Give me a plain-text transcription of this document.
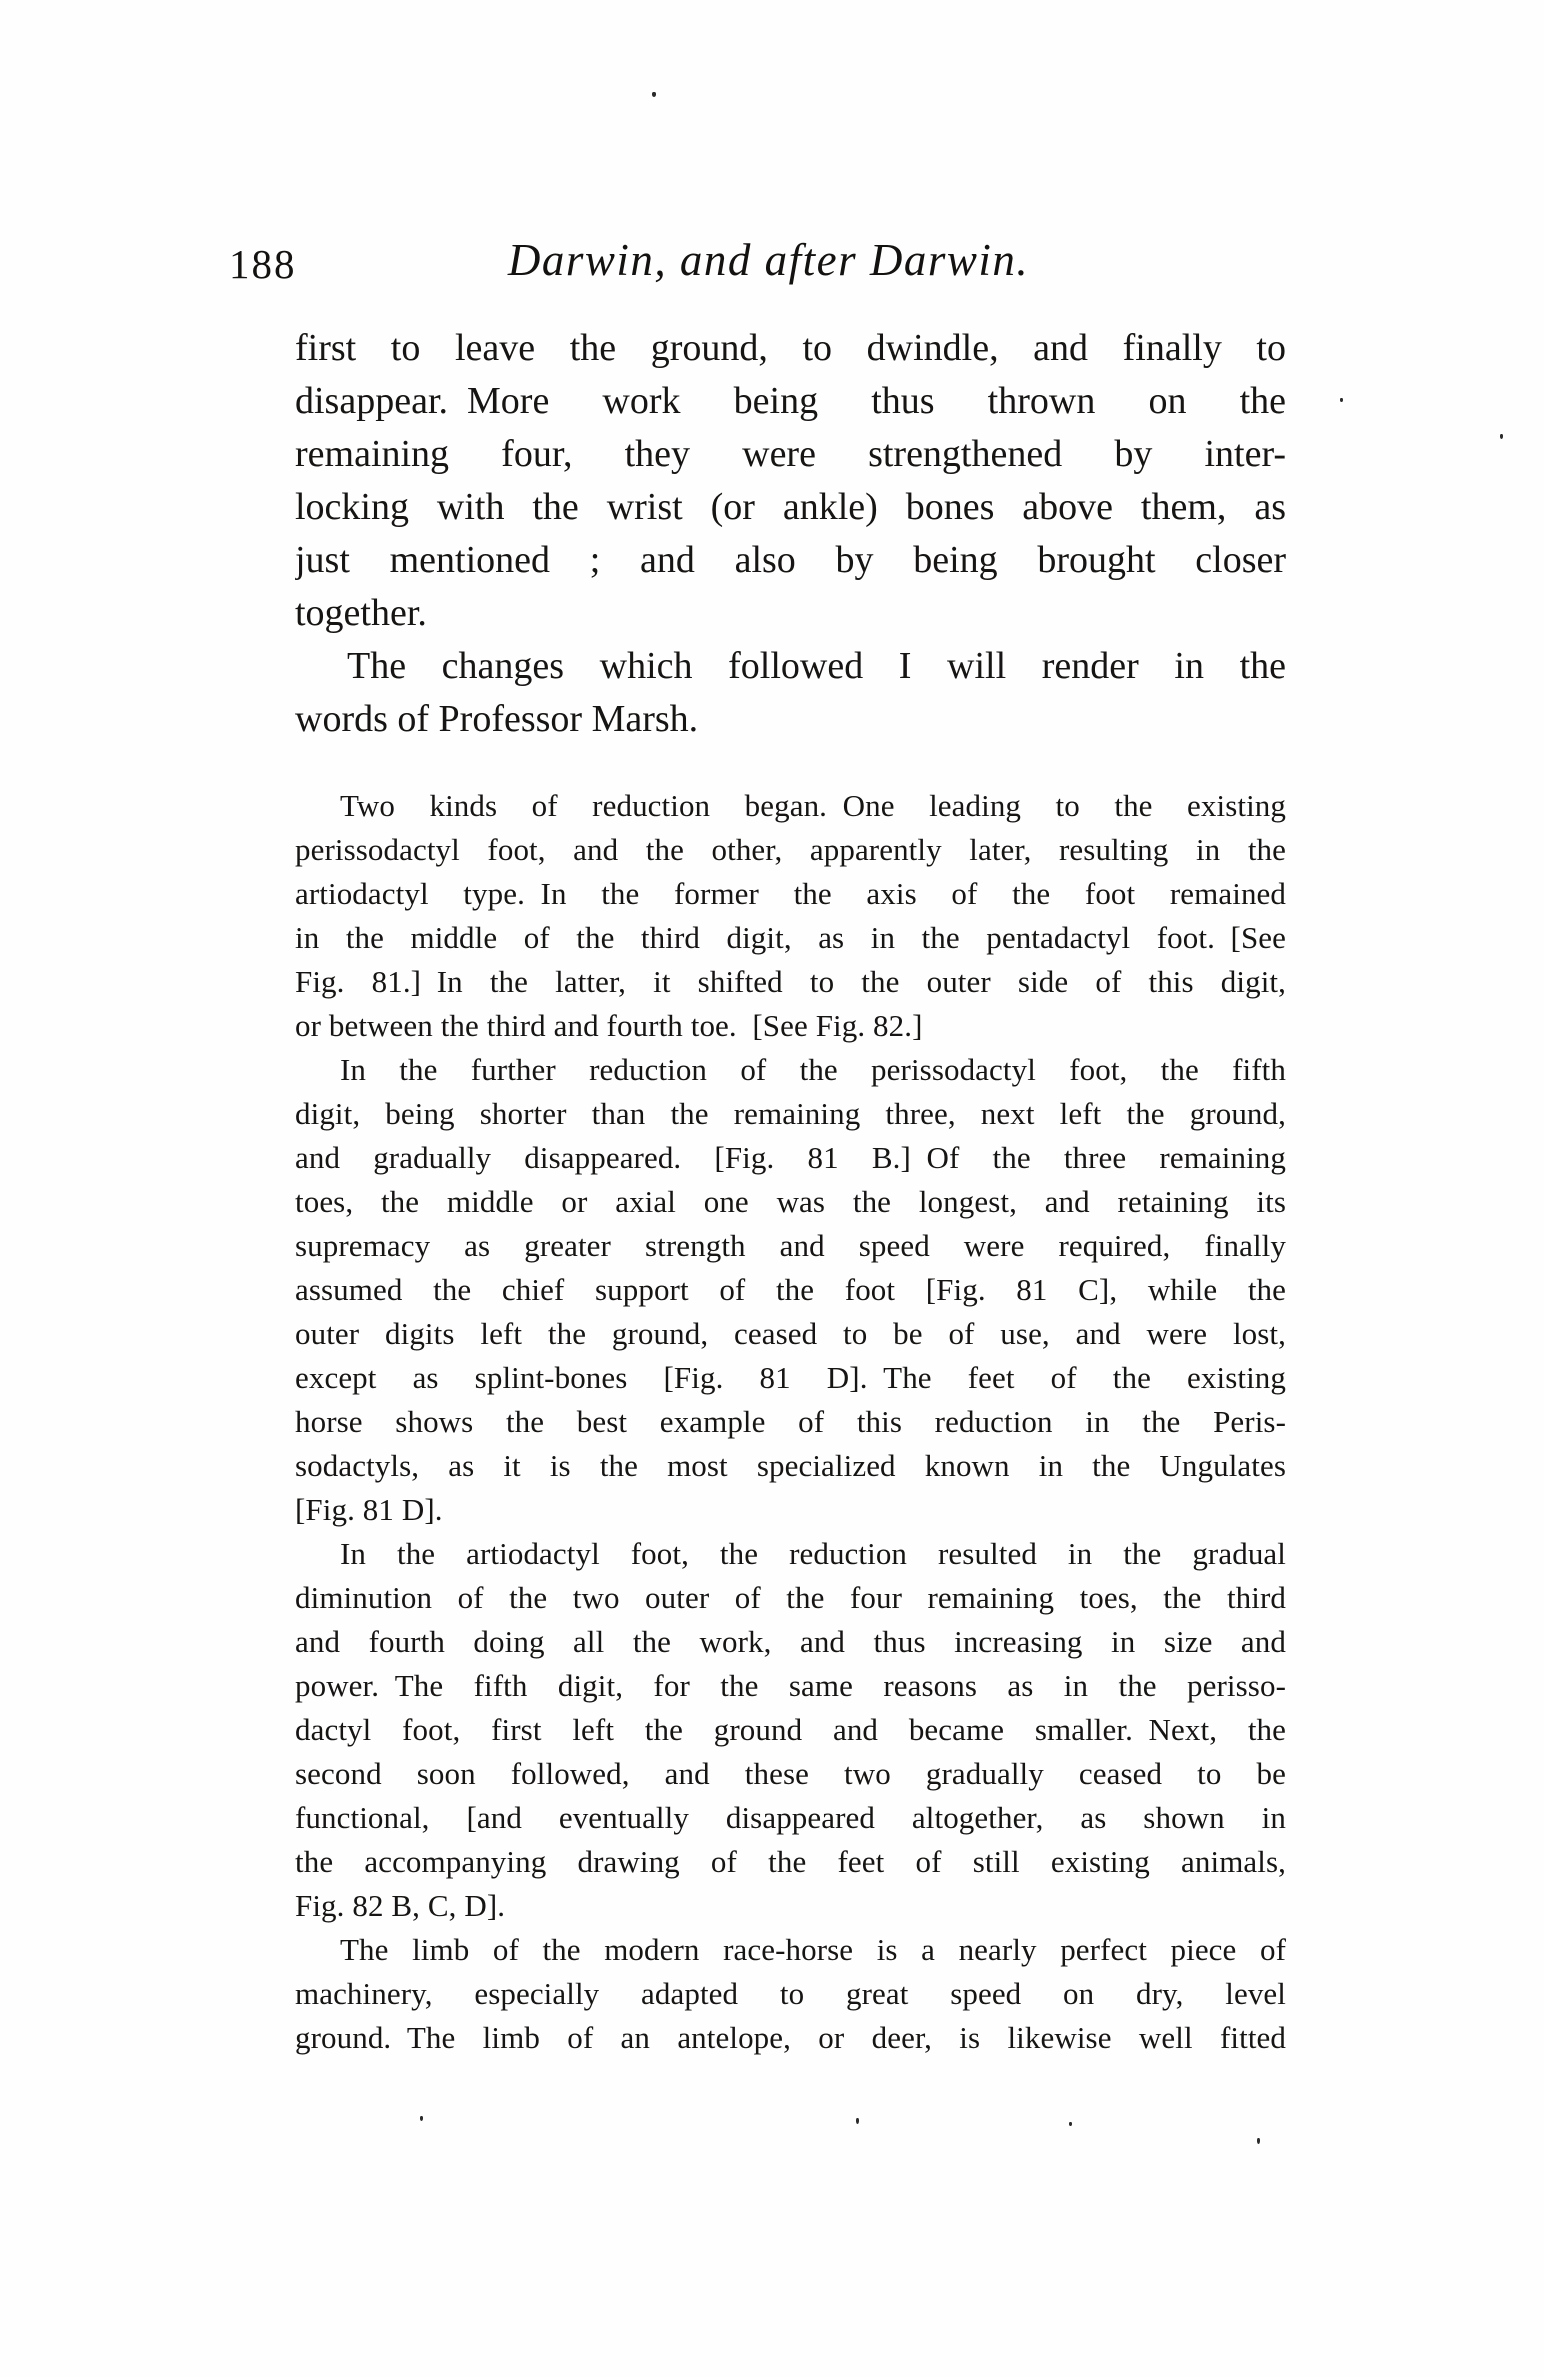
188	Darwin, and after Darwin.
first to leave the ground, to dwindle, and finally to
disappear. More work being thus thrown on the
remaining four, they were strengthened by inter-
locking with the wrist (or ankle) bones above them, as
just mentioned ; and also by being brought closer
together.
The changes which followed I will render in the
words of Professor Marsh.
Two kinds of reduction began. One leading to the existing
perissodactyl foot, and the other, apparently later, resulting in the
artiodactyl type. In the former the axis of the foot remained
in the middle of the third digit, as in the pentadactyl foot. [See
Fig. 81.] In the latter, it shifted to the outer side of this digit,
or between the third and fourth toe. [See Fig. 82.]
In the further reduction of the perissodactyl foot, the fifth
digit, being shorter than the remaining three, next left the ground,
and gradually disappeared. [Fig. 81 B.] Of the three remaining
toes, the middle or axial one was the longest, and retaining its
supremacy as greater strength and speed were required, finally
assumed the chief support of the foot [Fig. 81 C], while the
outer digits left the ground, ceased to be of use, and were lost,
except as splint-bones [Fig. 81 D]. The feet of the existing
horse shows the best example of this reduction in the Peris-
sodactyls, as it is the most specialized known in the Ungulates
[Fig. 81 D].
In the artiodactyl foot, the reduction resulted in the gradual
diminution of the two outer of the four remaining toes, the third
and fourth doing all the work, and thus increasing in size and
power. The fifth digit, for the same reasons as in the perisso-
dactyl foot, first left the ground and became smaller. Next, the
second soon followed, and these two gradually ceased to be
functional, [and eventually disappeared altogether, as shown in
the accompanying drawing of the feet of still existing animals,
Fig. 82 B, C, D].
The limb of the modern race-horse is a nearly perfect piece of
machinery, especially adapted to great speed on dry, level
ground. The limb of an antelope, or deer, is likewise well fitted
